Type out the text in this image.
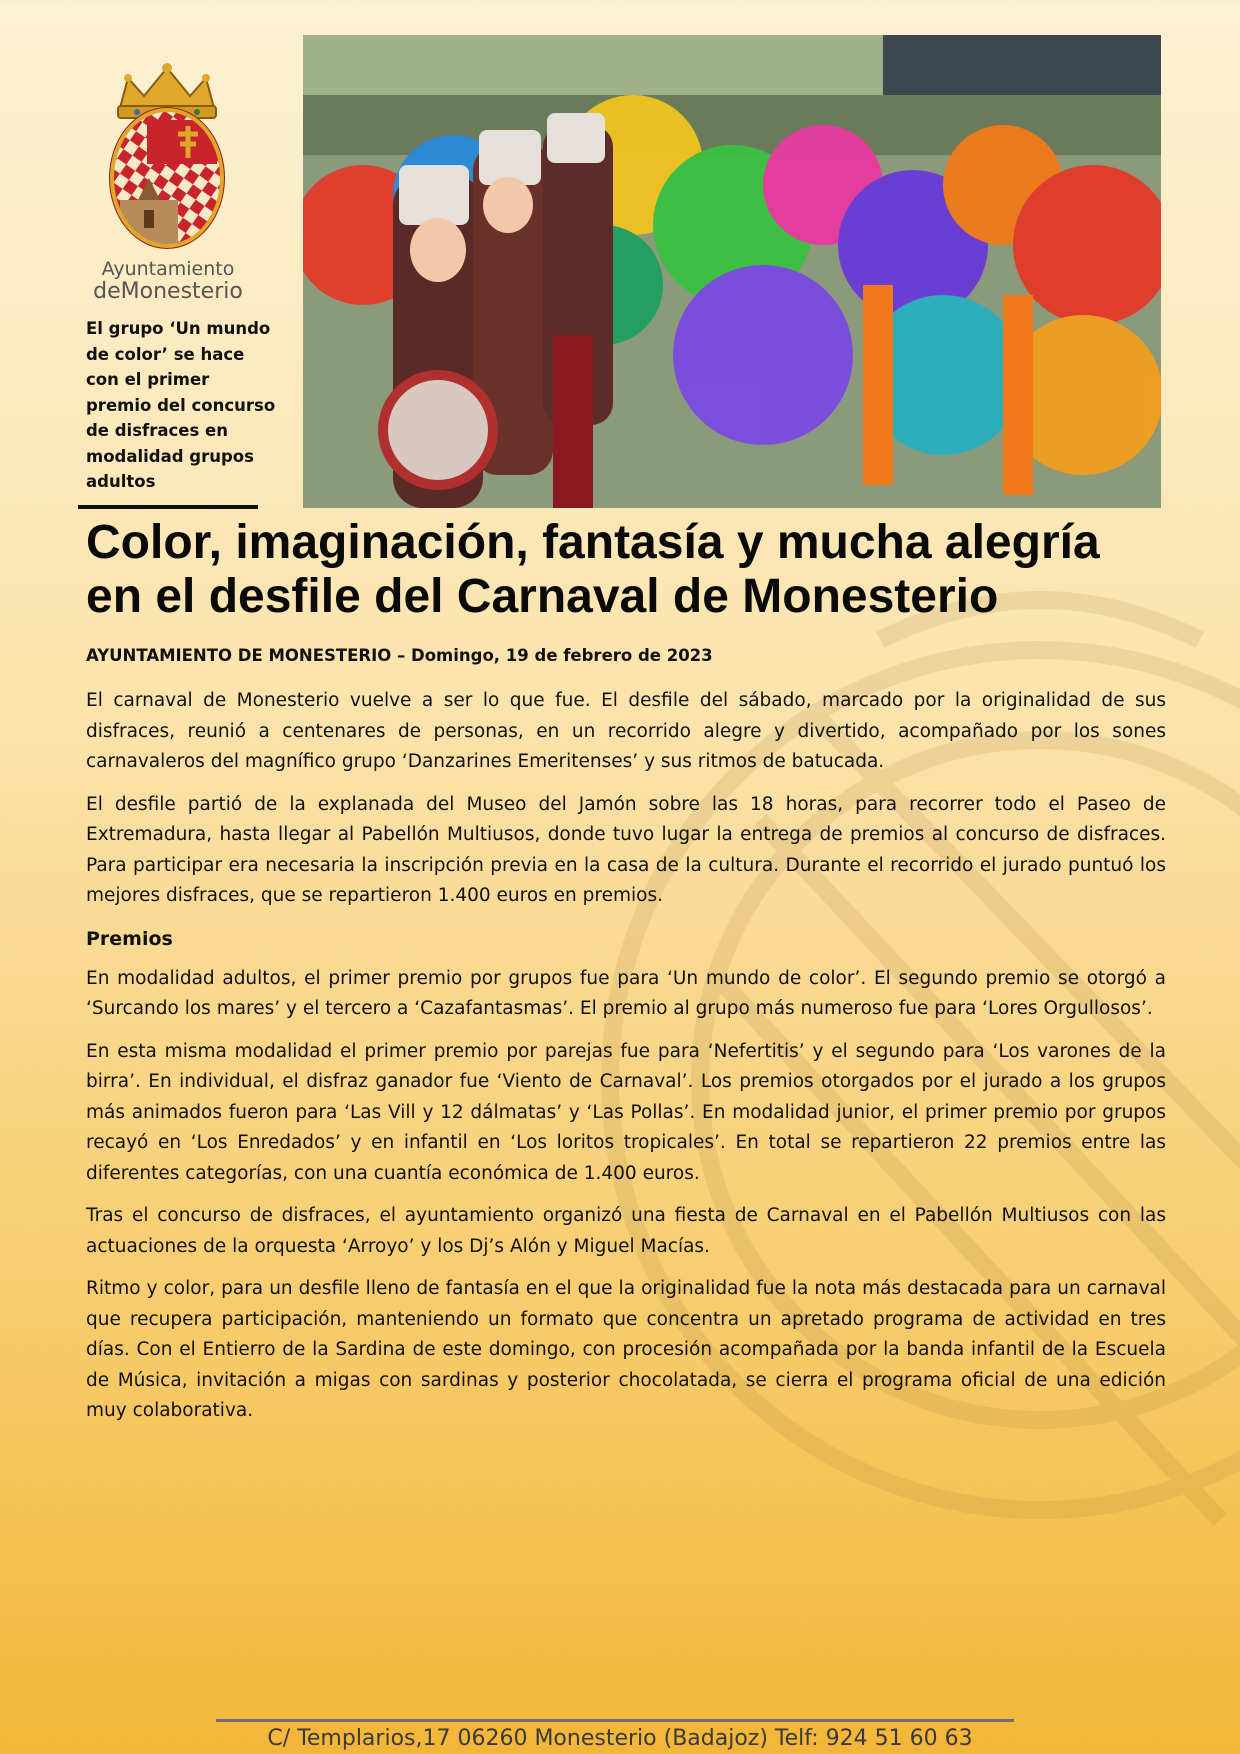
Ayuntamiento
deMonesterio
El grupo ‘Un mundo de color’ se hace con el primer premio del concurso de disfraces en modalidad grupos adultos
Color, imaginación, fantasía y mucha alegría en el desfile del Carnaval de Monesterio
AYUNTAMIENTO DE MONESTERIO – Domingo, 19 de febrero de 2023

El carnaval de Monesterio vuelve a ser lo que fue. El desfile del sábado, marcado por la originalidad de sus disfraces, reunió a centenares de personas, en un recorrido alegre y divertido, acompañado por los sones carnavaleros del magnífico grupo ‘Danzarines Emeritenses’ y sus ritmos de batucada.

El desfile partió de la explanada del Museo del Jamón sobre las 18 horas, para recorrer todo el Paseo de Extremadura, hasta llegar al Pabellón Multiusos, donde tuvo lugar la entrega de premios al concurso de disfraces. Para participar era necesaria la inscripción previa en la casa de la cultura. Durante el recorrido el jurado puntuó los mejores disfraces, que se repartieron 1.400 euros en premios.

Premios

En modalidad adultos, el primer premio por grupos fue para ‘Un mundo de color’. El segundo premio se otorgó a ‘Surcando los mares’ y el tercero a ‘Cazafantasmas’. El premio al grupo más numeroso fue para ‘Lores Orgullosos’.

En esta misma modalidad el primer premio por parejas fue para ‘Nefertitis’ y el segundo para ‘Los varones de la birra’. En individual, el disfraz ganador fue ‘Viento de Carnaval’. Los premios otorgados por el jurado a los grupos más animados fueron para ‘Las Vill y 12 dálmatas’ y ‘Las Pollas’. En modalidad junior, el primer premio por grupos recayó en ‘Los Enredados’ y en infantil en ‘Los loritos tropicales’. En total se repartieron 22 premios entre las diferentes categorías, con una cuantía económica de 1.400 euros.

Tras el concurso de disfraces, el ayuntamiento organizó una fiesta de Carnaval en el Pabellón Multiusos con las actuaciones de la orquesta ‘Arroyo’ y los Dj’s Alón y Miguel Macías.

Ritmo y color, para un desfile lleno de fantasía en el que la originalidad fue la nota más destacada para un carnaval que recupera participación, manteniendo un formato que concentra un apretado programa de actividad en tres días. Con el Entierro de la Sardina de este domingo, con procesión acompañada por la banda infantil de la Escuela de Música, invitación a migas con sardinas y posterior chocolatada, se cierra el programa oficial de una edición muy colaborativa.

C/ Templarios,17 06260 Monesterio (Badajoz) Telf: 924 51 60 63
